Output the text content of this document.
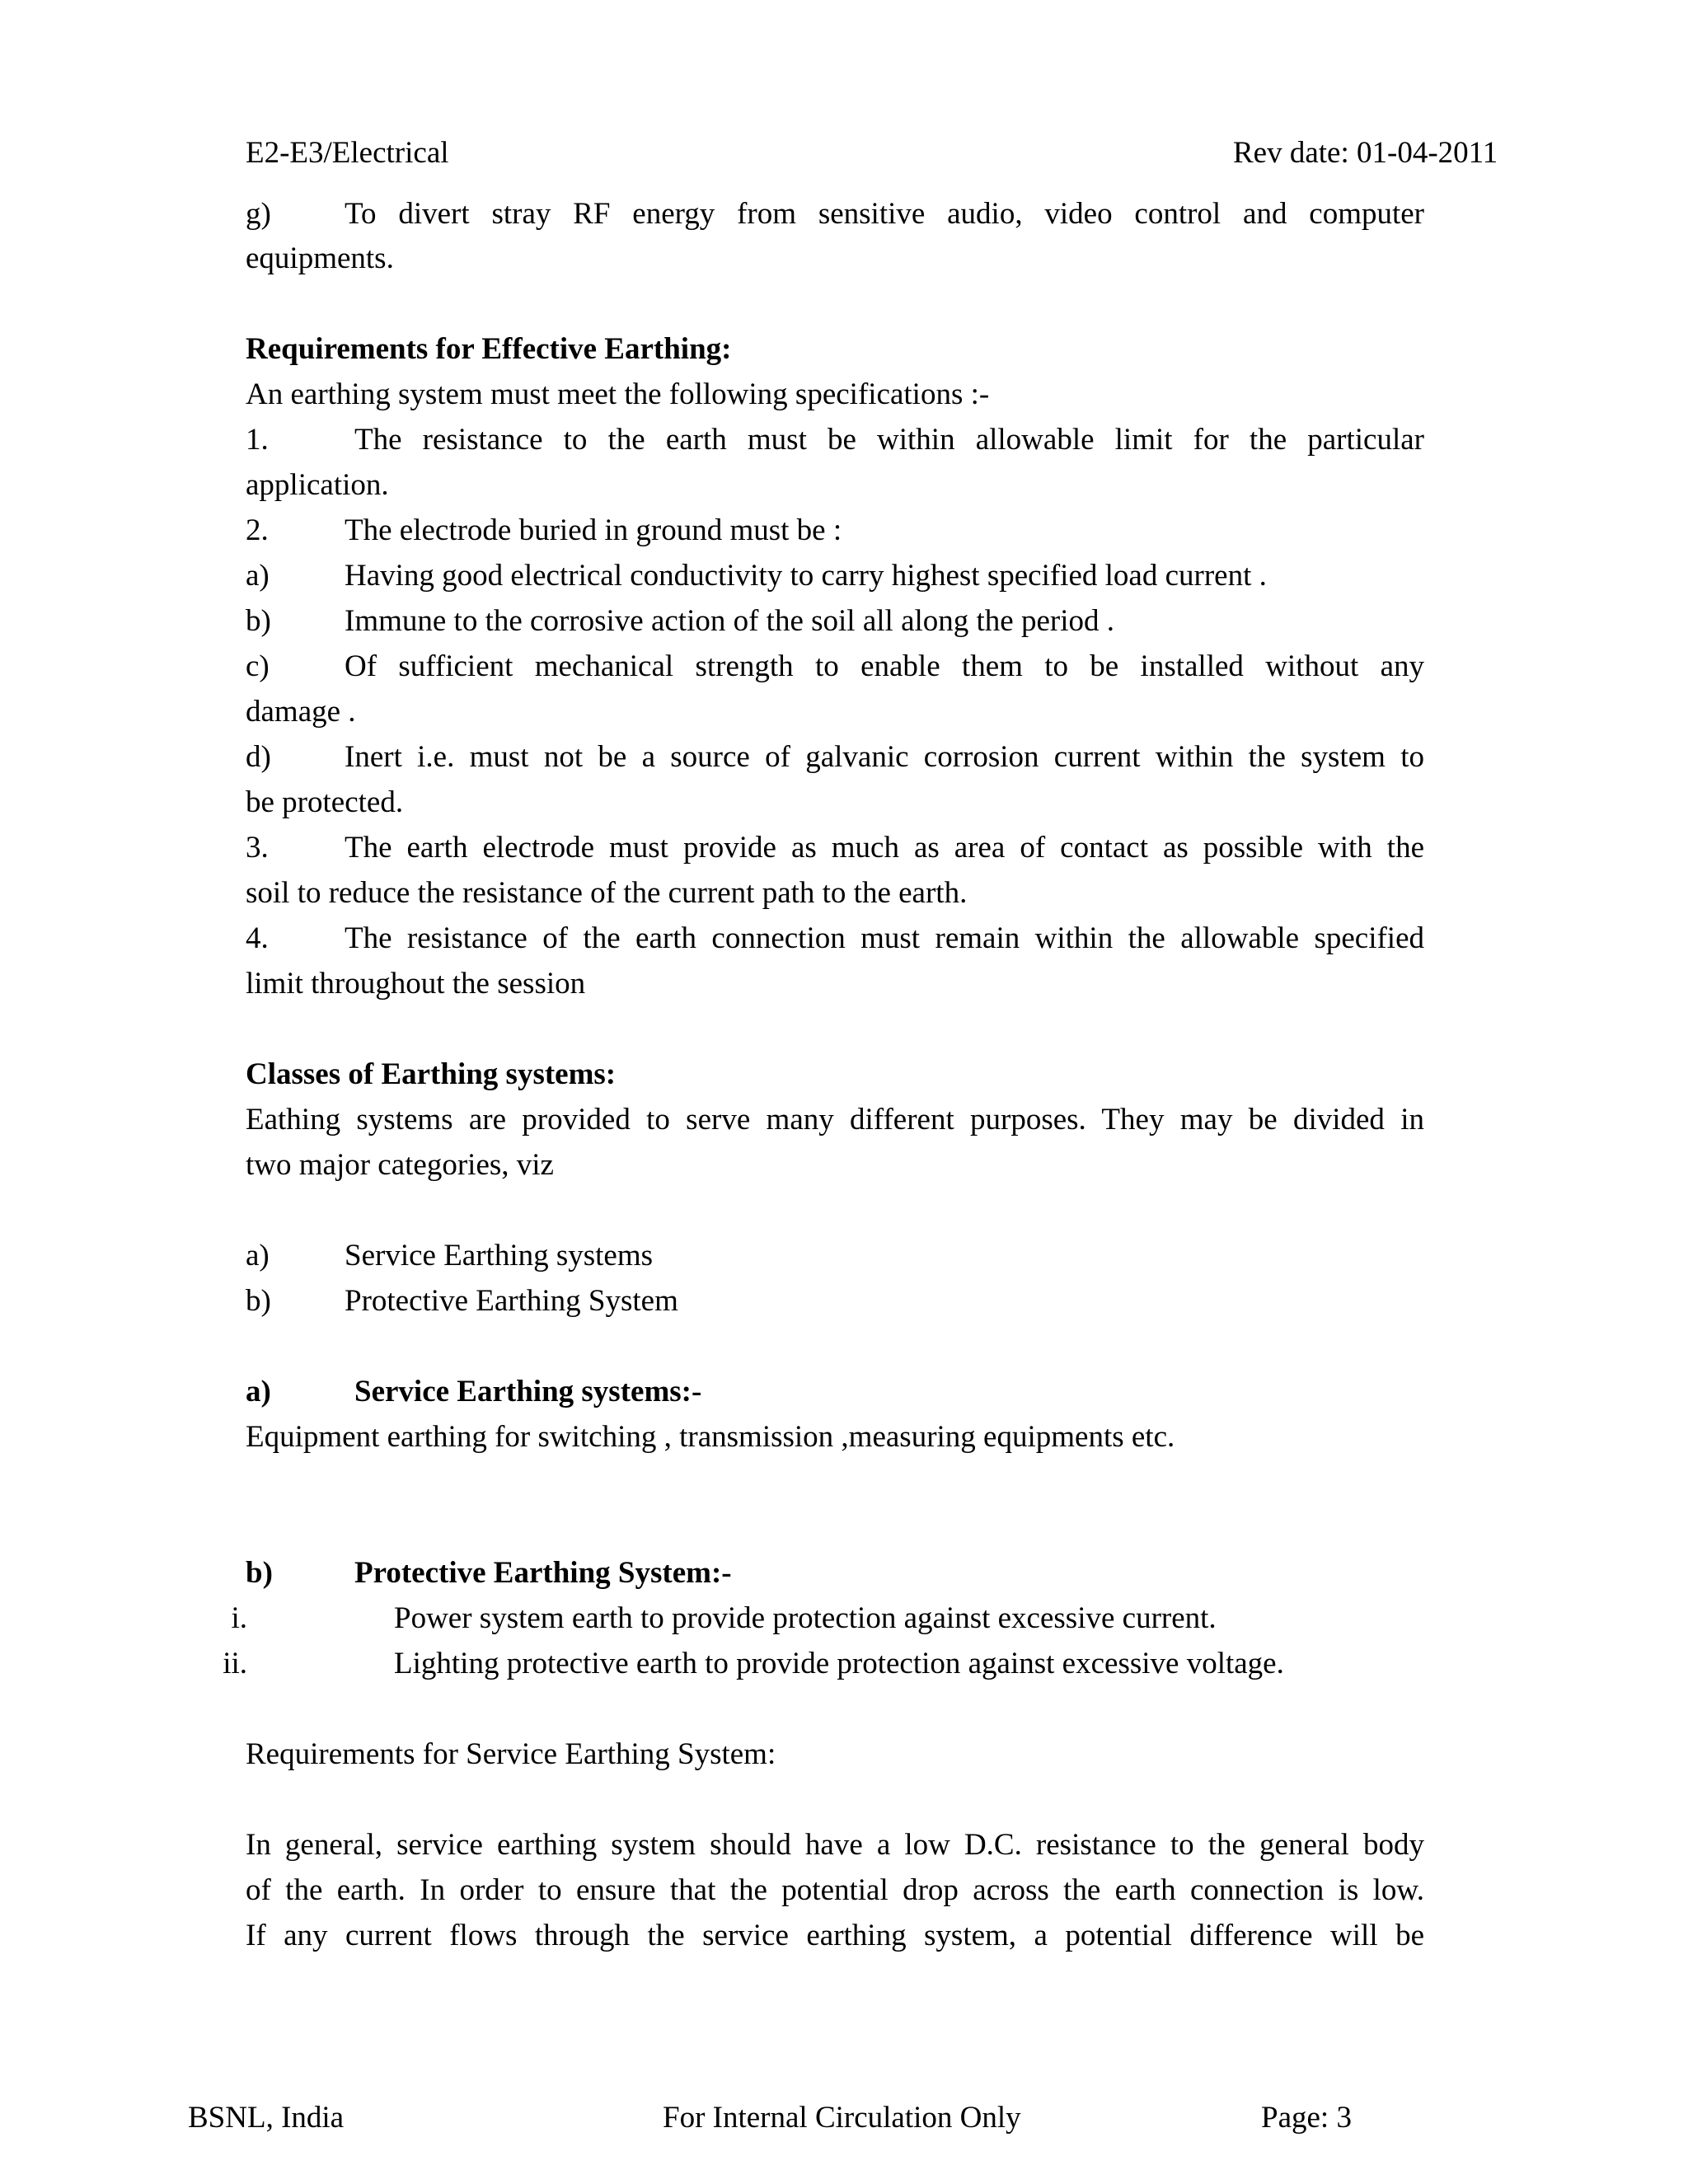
E2-E3/Electrical	Rev date: 01-04-2011
g) To divert stray RF energy from sensitive audio, video control and computer
equipments.
Requirements for Effective Earthing:
An earthing system must meet the following specifications :-
1.	The resistance to the earth must be within allowable limit for the particular
application.
2. The electrode buried in ground must be :
a) Having good electrical conductivity to carry highest specified load current .
b) Immune to the corrosive action of the soil all along the period .
c) Of sufficient mechanical strength to enable them to be installed without any
damage .
d) Inert i.e. must not be a source of galvanic corrosion current within the system to
be protected.
3. The earth electrode must provide as much as area of contact as possible with the
soil to reduce the resistance of the current path to the earth.
4. The resistance of the earth connection must remain within the allowable specified
limit throughout the session
Classes of Earthing systems:
Eathing systems are provided to serve many different purposes. They may be divided in
two major categories, viz
a) Service Earthing systems
b) Protective Earthing System
a)	Service Earthing systems:-
Equipment earthing for switching , transmission ,measuring equipments etc.
b)	Protective Earthing System:-
i.	Power system earth to provide protection against excessive current.
ii.	Lighting protective earth to provide protection against excessive voltage.
Requirements for Service Earthing System:
In general, service earthing system should have a low D.C. resistance to the general body
of the earth. In order to ensure that the potential drop across the earth connection is low.
If any current flows through the service earthing system, a potential difference will be
BSNL, India	For Internal Circulation Only	Page: 3
